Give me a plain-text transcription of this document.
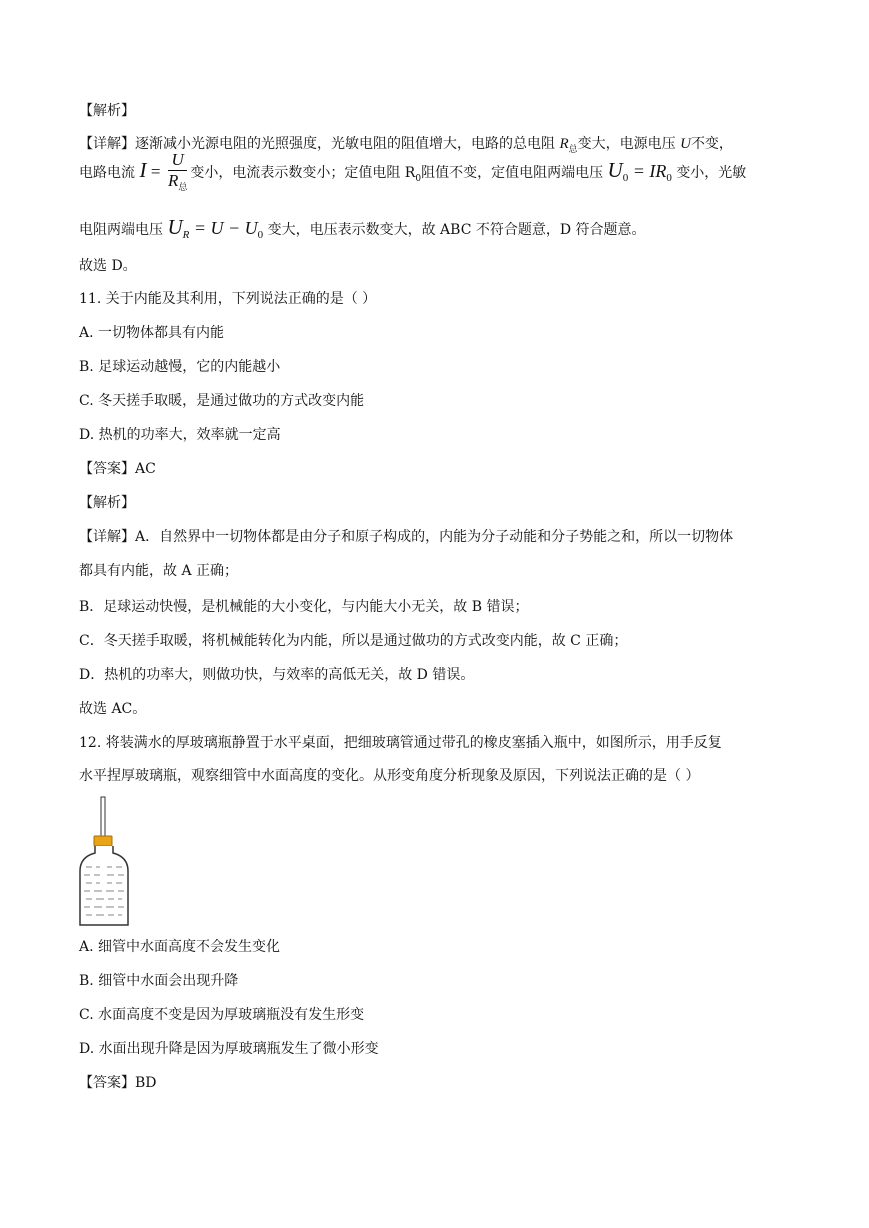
【解析】
【详解】逐渐减小光源电阻的光照强度，光敏电阻的阻值增大，电路的总电阻 $R_总$变大，电源电压 U不变，
电路电流 $I = \frac{U}{R_总}$ 变小，电流表示数变小；定值电阻 $R_0$阻值不变，定值电阻两端电压 $U_0 = IR_0$ 变小，光敏
电阻两端电压 $U_R = U - U_0$ 变大，电压表示数变大，故 ABC 不符合题意，D 符合题意。
故选 D。
11. 关于内能及其利用，下列说法正确的是（ ）
A. 一切物体都具有内能
B. 足球运动越慢，它的内能越小
C. 冬天搓手取暖，是通过做功的方式改变内能
D. 热机的功率大，效率就一定高
【答案】AC
【解析】
【详解】A．自然界中一切物体都是由分子和原子构成的，内能为分子动能和分子势能之和，所以一切物体
都具有内能，故 A 正确；
B．足球运动快慢，是机械能的大小变化，与内能大小无关，故 B 错误；
C．冬天搓手取暖，将机械能转化为内能，所以是通过做功的方式改变内能，故 C 正确；
D．热机的功率大，则做功快，与效率的高低无关，故 D 错误。
故选 AC。
12. 将装满水的厚玻璃瓶静置于水平桌面，把细玻璃管通过带孔的橡皮塞插入瓶中，如图所示，用手反复
水平捏厚玻璃瓶，观察细管中水面高度的变化。从形变角度分析现象及原因，下列说法正确的是（ ）
A. 细管中水面高度不会发生变化
B. 细管中水面会出现升降
C. 水面高度不变是因为厚玻璃瓶没有发生形变
D. 水面出现升降是因为厚玻璃瓶发生了微小形变
【答案】BD
